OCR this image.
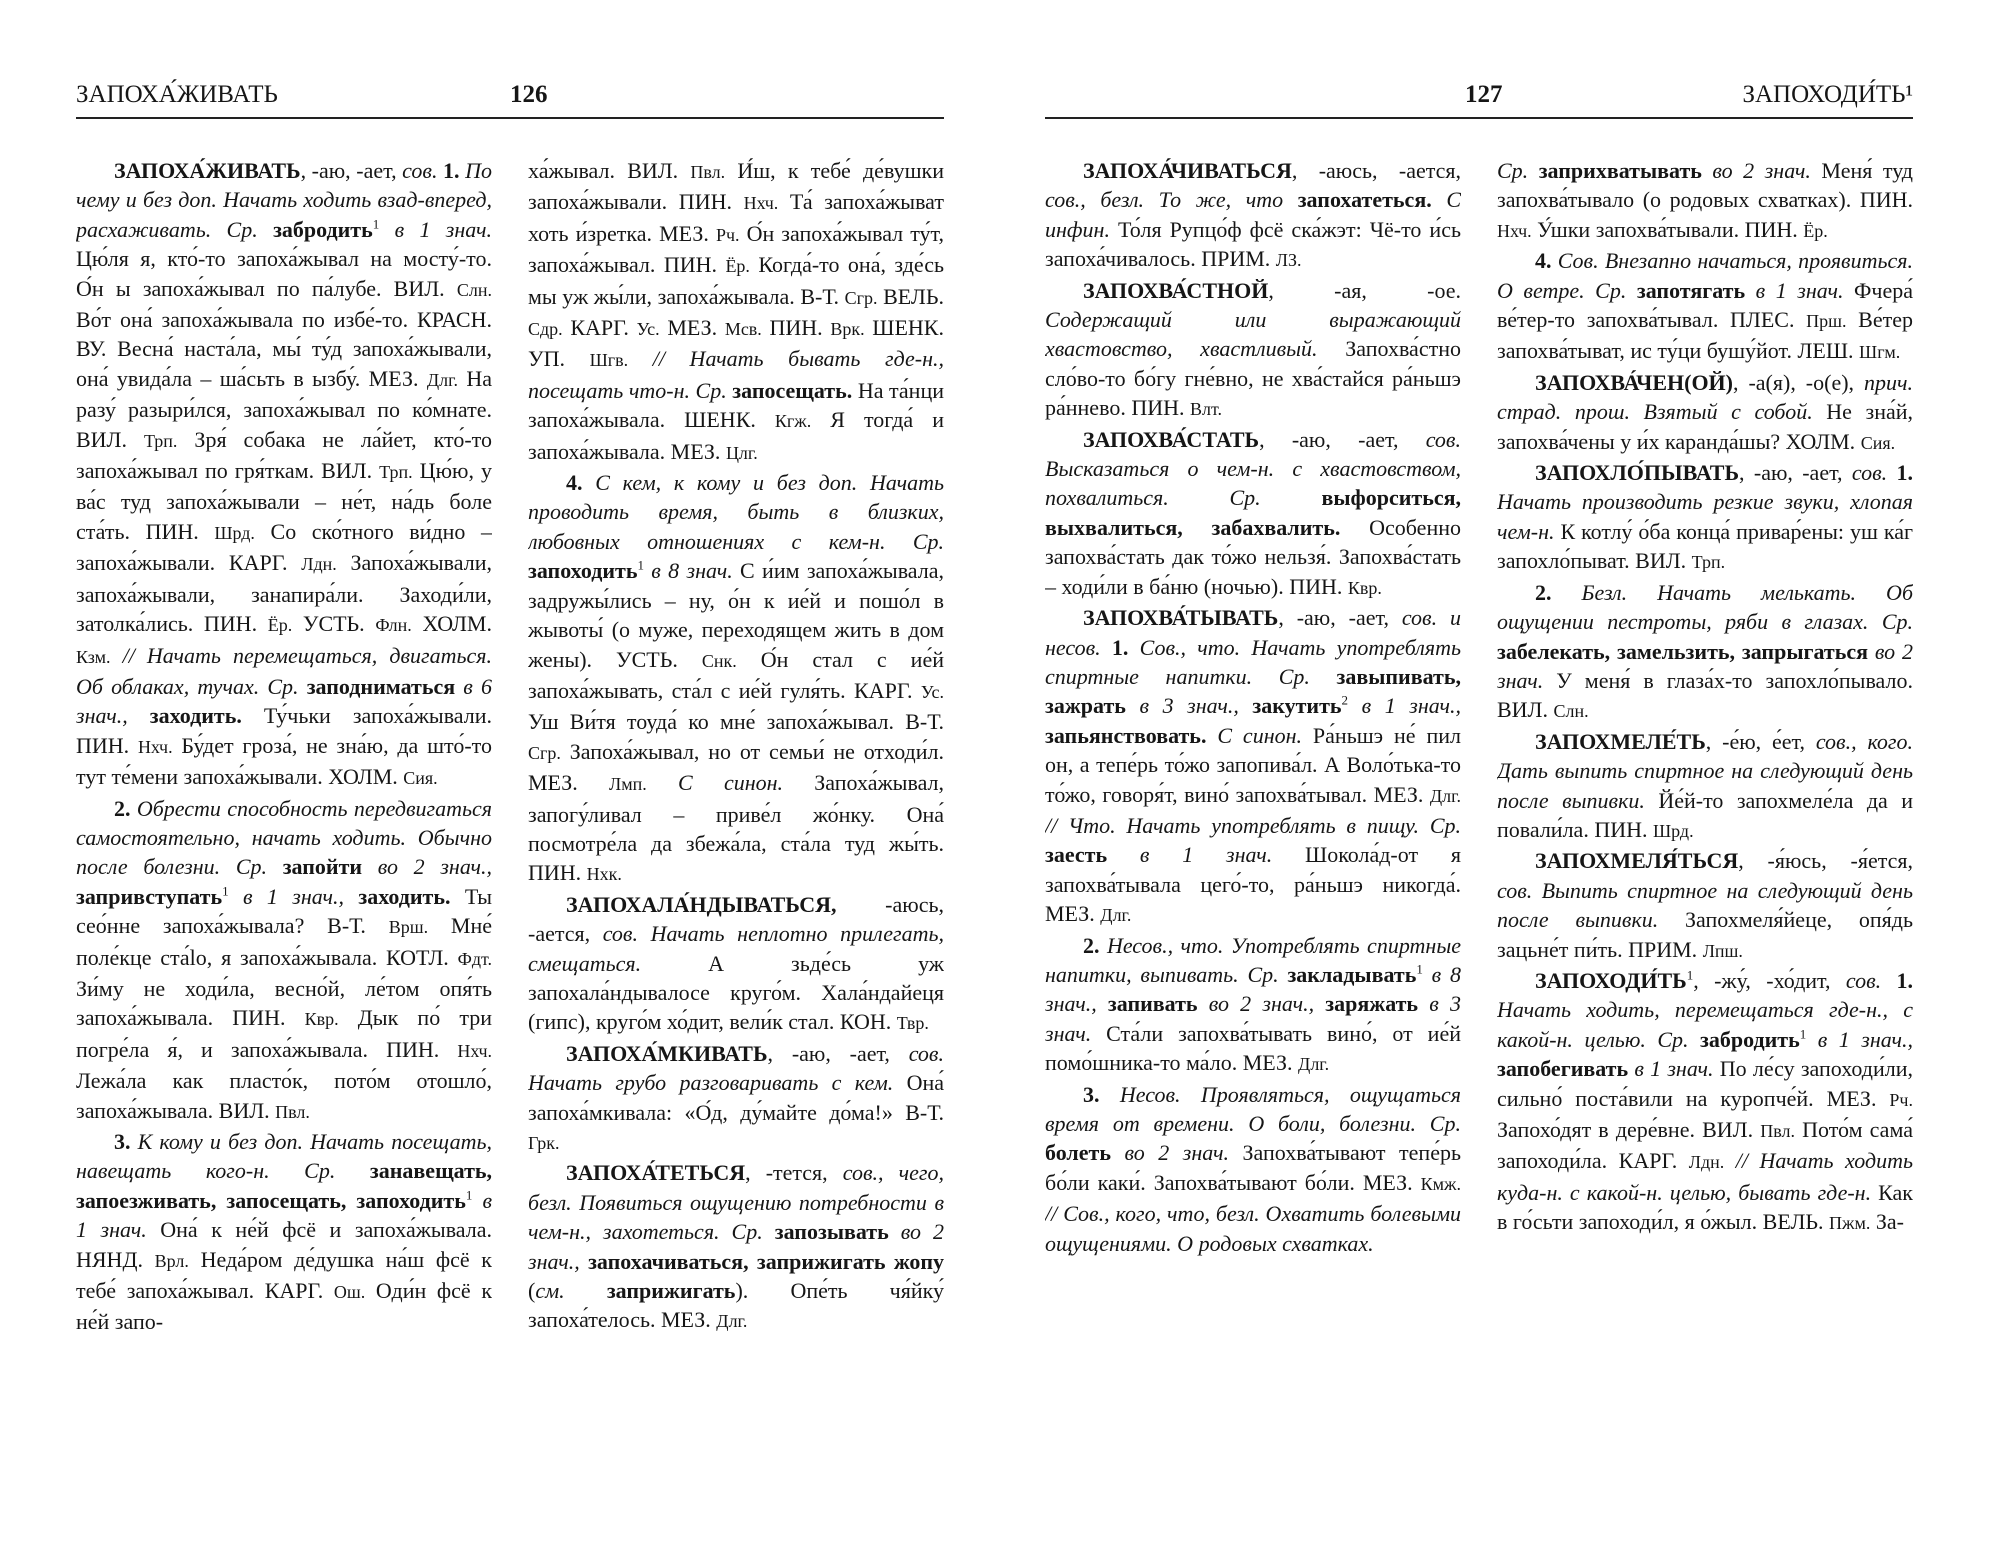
ЗАПОХА́ЖИВАТЬ	126

ЗАПОХА́ЖИВАТЬ, -аю, -ает, сов. 1. По чему и без доп. Начать ходить взад-вперед, расхаживать. Ср. забродить$^1$ в 1 знач. Цю́ля я, кто́-то запоха́жывал на мосту́-то. О́н ы запоха́жывал по па́лубе. ВИЛ. Слн. Во́т она́ запоха́жывала по избе́-то. КРАСН. ВУ. Весна́ наста́ла, мы́ ту́д запоха́жывали, она́ увида́ла – ша́сьть в ызбу́. МЕЗ. Длг. На разу́ разыри́лся, запоха́жывал по ко́мнате. ВИЛ. Трп. Зря́ собака не ла́йет, кто́-то запоха́жывал по гря́ткам. ВИЛ. Трп. Цю́ю, у ва́с туд запоха́жывали – не́т, на́дь боле ста́ть. ПИН. Шрд. Со ско́тного ви́дно – запоха́жывали. КАРГ. Лдн. Запоха́жывали, запоха́жывали, занапира́ли. Заходи́ли, затолка́лись. ПИН. Ёр. УСТЬ. Флн. ХОЛМ. Кзм. // Начать перемещаться, двигаться. Об облаках, тучах. Ср. заподниматься в 6 знач., заходить. Ту́чьки запоха́жывали. ПИН. Нхч. Бу́дет гроза́, не зна́ю, да што́-то тут те́мени запоха́жывали. ХОЛМ. Сия.

2. Обрести способность передвигаться самостоятельно, начать ходить. Обычно после болезни. Ср. запойти во 2 знач., запривступать$^1$ в 1 знач., заходить. Ты сео́нне запоха́жывала? В-Т. Врш. Мне́ поле́кце ста́lо, я запоха́жывaла. КОТЛ. Фдт. Зи́му не ходи́ла, весно́й, ле́том опя́ть запоха́жывала. ПИН. Квр. Дык по́ три погре́ла я́, и запоха́жывала. ПИН. Нхч. Лежа́ла как пласто́к, пото́м отошло́, запоха́жывала. ВИЛ. Пвл.

3. К кому и без доп. Начать посещать, навещать кого-н. Ср. занавещать, запоезживать, запосещать, запоходить$^1$ в 1 знач. Она́ к не́й фсё и запоха́жывала. НЯНД. Врл. Неда́ром де́душка на́ш фсё к тебе́ запоха́жывал. КАРГ. Ош. Оди́н фсё к не́й запо-

ха́жывал. ВИЛ. Пвл. И́ш, к тебе́ де́вушки запоха́жывали. ПИН. Нхч. Та́ запоха́жыват хоть и́зретка. МЕЗ. Рч. О́н запоха́жывал ту́т, запоха́жывал. ПИН. Ёр. Когда́-то она́, зде́сь мы уж жы́ли, запоха́жывала. В-Т. Сгр. ВЕЛЬ. Сдр. КАРГ. Ус. МЕЗ. Мсв. ПИН. Врк. ШЕНК. УП. Шгв. // Начать бывать где-н., посещать что-н. Ср. запосещать. На та́нци запоха́жывала. ШЕНК. Кгж. Я тогда́ и запоха́жывала. МЕЗ. Цлг.

4. С кем, к кому и без доп. Начать проводить время, быть в близких, любовных отношениях с кем-н. Ср. запоходить$^1$ в 8 знач. С и́им запоха́жывала, задружы́лись – ну, о́н к ие́й и пошо́л в жывоты́ (о муже, переходящем жить в дом жены). УСТЬ. Снк. О́н стал с ие́й запоха́жывать, ста́л с ие́й гуля́ть. КАРГ. Ус. Уш Ви́тя тоуда́ ко мне́ запоха́жывал. В-Т. Сгр. Запоха́жывал, но от семьи́ не отходи́л. МЕЗ. Лмп. С синон. Запоха́жывал, запогу́ливал – приве́л жо́нку. Она́ посмотре́ла да збежа́ла, ста́ла туд жы́ть. ПИН. Нхк.

ЗАПОХАЛА́НДЫВАТЬСЯ, -аюсь, -ается, сов. Начать неплотно прилегать, смещаться. А зьде́сь уж запохала́ндывалосе круго́м. Хала́ндайеця (гипс), круго́м хо́дит, вели́к стал. КОН. Твр.

ЗАПОХА́МКИВАТЬ, -аю, -ает, сов. Начать грубо разговаривать с кем. Она́ запоха́мкивала: «О́д, ду́майте до́ма!» В-Т. Грк.

ЗАПОХА́ТЕТЬСЯ, -тется, сов., чего, безл. Появиться ощущению потребности в чем-н., захотеться. Ср. запозывать во 2 знач., запохачиваться, заприжигать жопу (см. заприжигать). Опе́ть чя́йку́ запоха́телось. МЕЗ. Длг.

127	ЗАПОХОДИ́ТЬ¹

ЗАПОХА́ЧИВАТЬСЯ, -аюсь, -ается, сов., безл. То же, что запохатеться. С инфин. То́ля Рупцо́ф фсё ска́жэт: Чё-то и́сь запоха́чивалось. ПРИМ. ЛЗ.

ЗАПОХВА́СТНОЙ, -ая, -ое. Содержащий или выражающий хвастовство, хвастливый. Запохва́стно сло́во-то бо́гу гне́вно, не хва́стайся ра́ньшэ ра́ннево. ПИН. Влт.

ЗАПОХВА́СТАТЬ, -аю, -ает, сов. Высказаться о чем-н. с хвастовством, похвалиться. Ср.	выфорситься, выхвалиться, забахвалить. Особенно запохва́стать дак то́жо нельзя́. Запохва́стать – ходи́ли в ба́ню (ночью). ПИН. Квр.

ЗАПОХВА́ТЫВАТЬ, -аю, -ает, сов. и несов. 1. Сов., что. Начать употреблять спиртные напитки. Ср. завыпивать, зажрать в 3 знач., закутить$^2$ в 1 знач., запьянствовать. С синон. Ра́ньшэ не́ пил он, а тепе́рь то́жо запопива́л. А Воло́тька-то то́жо, говоря́т, вино́ запохва́тывал. МЕЗ. Длг. // Что. Начать употреблять в пищу. Ср. заесть в 1 знач. Шокола́д-от я запохва́тывала цего́-то, ра́ньшэ никогда́. МЕЗ. Длг.

2. Несов., что. Употреблять спиртные напитки, выпивать. Ср. закладывать$^1$ в 8 знач., запивать во 2 знач., заряжать в 3 знач. Ста́ли запохва́тывать вино́, от ие́й помо́шника-то ма́ло. МЕЗ. Длг.

3. Несов. Проявляться, ощущаться время от времени. О боли, болезни. Ср. болеть во 2 знач. Запохва́тывают тепе́рь бо́ли каки́. Запохва́тывают бо́ли. МЕЗ. Кмж. // Сов., кого, что, безл. Охватить болевыми ощущениями. О родовых схватках.

Ср. заприхватывать во 2 знач. Меня́ туд запохва́тывало (о родовых схватках). ПИН. Нхч. У́шки запохва́тывали. ПИН. Ёр.

4. Сов. Внезапно начаться, проявиться. О ветре. Ср. запотягать в 1 знач. Фчера́ ве́тер-то запохва́тывал. ПЛЕС. Прш. Ве́тер запохва́тыват, ис ту́ци бушу́йот. ЛЕШ. Шгм.

ЗАПОХВА́ЧЕН(ОЙ), -а(я), -о(е), прич. страд. прош. Взятый с собой. Не зна́й, запохва́чены у и́х каранда́шы? ХОЛМ. Сия.

ЗАПОХЛО́ПЫВАТЬ, -аю, -ает, сов. 1. Начать производить резкие звуки, хлопая чем-н. К котлу́ о́ба конца́ привар́ены: уш ка́г запохло́пыват. ВИЛ. Трп.

2. Безл. Начать мелькать. Об ощущении пестроты, ряби в глазах. Ср. забелекать, замельзить, запрыгаться во 2 знач. У меня́ в глаза́х-то запохло́пывало. ВИЛ. Слн.

ЗАПОХМЕЛЕ́ТЬ, -е́ю, е́ет, сов., кого. Дать выпить спиртное на следующий день после выпивки. Йе́й-то запохмеле́ла да и повали́ла. ПИН. Шрд.

ЗАПОХМЕЛЯ́ТЬСЯ, -я́юсь, -я́ется, сов. Выпить спиртное на следующий день после выпивки. Запохмеля́йеце, опя́дь зацьне́т пи́ть. ПРИМ. Лпш.

$ЗАПОХОДИ́ТЬ^1$, -жу́, -хо́дит, сов. 1. Начать ходить, перемещаться где-н., с какой-н. целью. Ср. забродить$^1$ в 1 знач., запобегивать в 1 знач. По ле́су запоходи́ли, сильно́ поста́вили на куропче́й. МЕЗ. Рч. Запохо́дят в дере́вне. ВИЛ. Пвл. Пото́м сама́ запоходи́ла. КАРГ. Лдн. // Начать ходить куда-н. с какой-н. целью, бывать где-н. Как в го́сьти запоходи́л, я о́жыл. ВЕЛЬ. Пжм. За-
